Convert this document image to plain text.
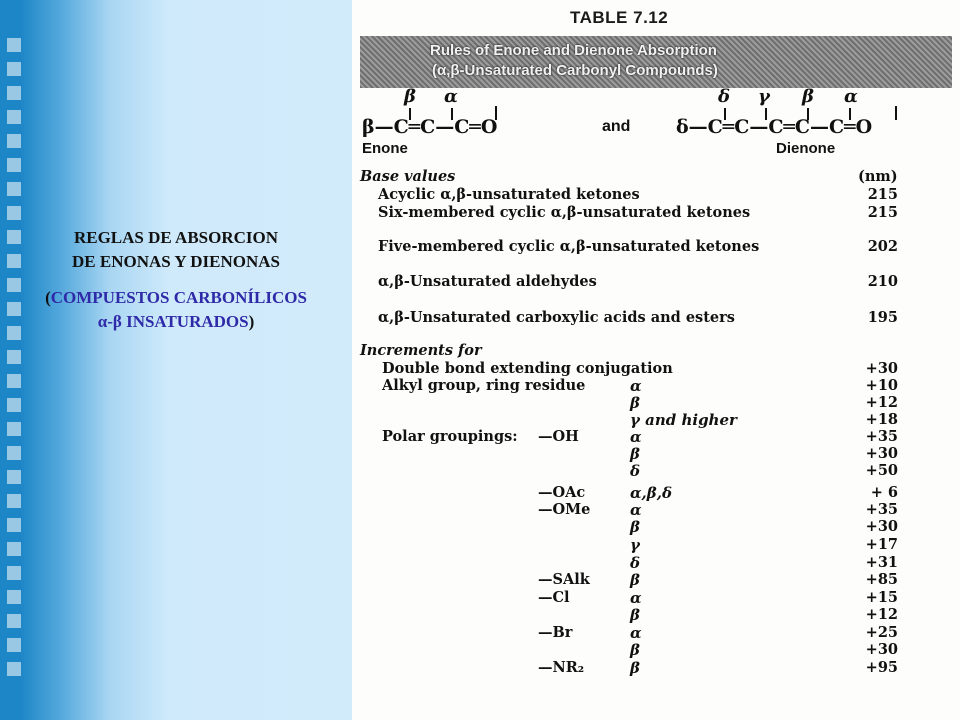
REGLAS DE ABSORCION
DE ENONAS Y DIENONAS
(COMPUESTOS CARBONÍLICOS
α-β INSATURADOS)
TABLE 7.12
Rules of Enone and Dienone Absorption
(α,β-Unsaturated Carbonyl Compounds)
β α
β—C═C—C═O	and
δ γ β α
δ—C═C—C═C—C═O
Enone	Dienone
Base values	(nm)
Acyclic α,β-unsaturated ketones	215
Six-membered cyclic α,β-unsaturated ketones	215
Five-membered cyclic α,β-unsaturated ketones	202
α,β-Unsaturated aldehydes	210
α,β-Unsaturated carboxylic acids and esters	195
Increments for
Double bond extending conjugation	+30
Alkyl group, ring residue	α	+10
β	+12
γ and higher	+18
Polar groupings: —OH	α	+35
β	+30
δ	+50
—OAc	α,β,δ	+ 6
—OMe	α	+35
β	+30
γ	+17
δ	+31
—SAlk	β	+85
—Cl	α	+15
β	+12
—Br	α	+25
β	+30
—NR₂	β	+95
